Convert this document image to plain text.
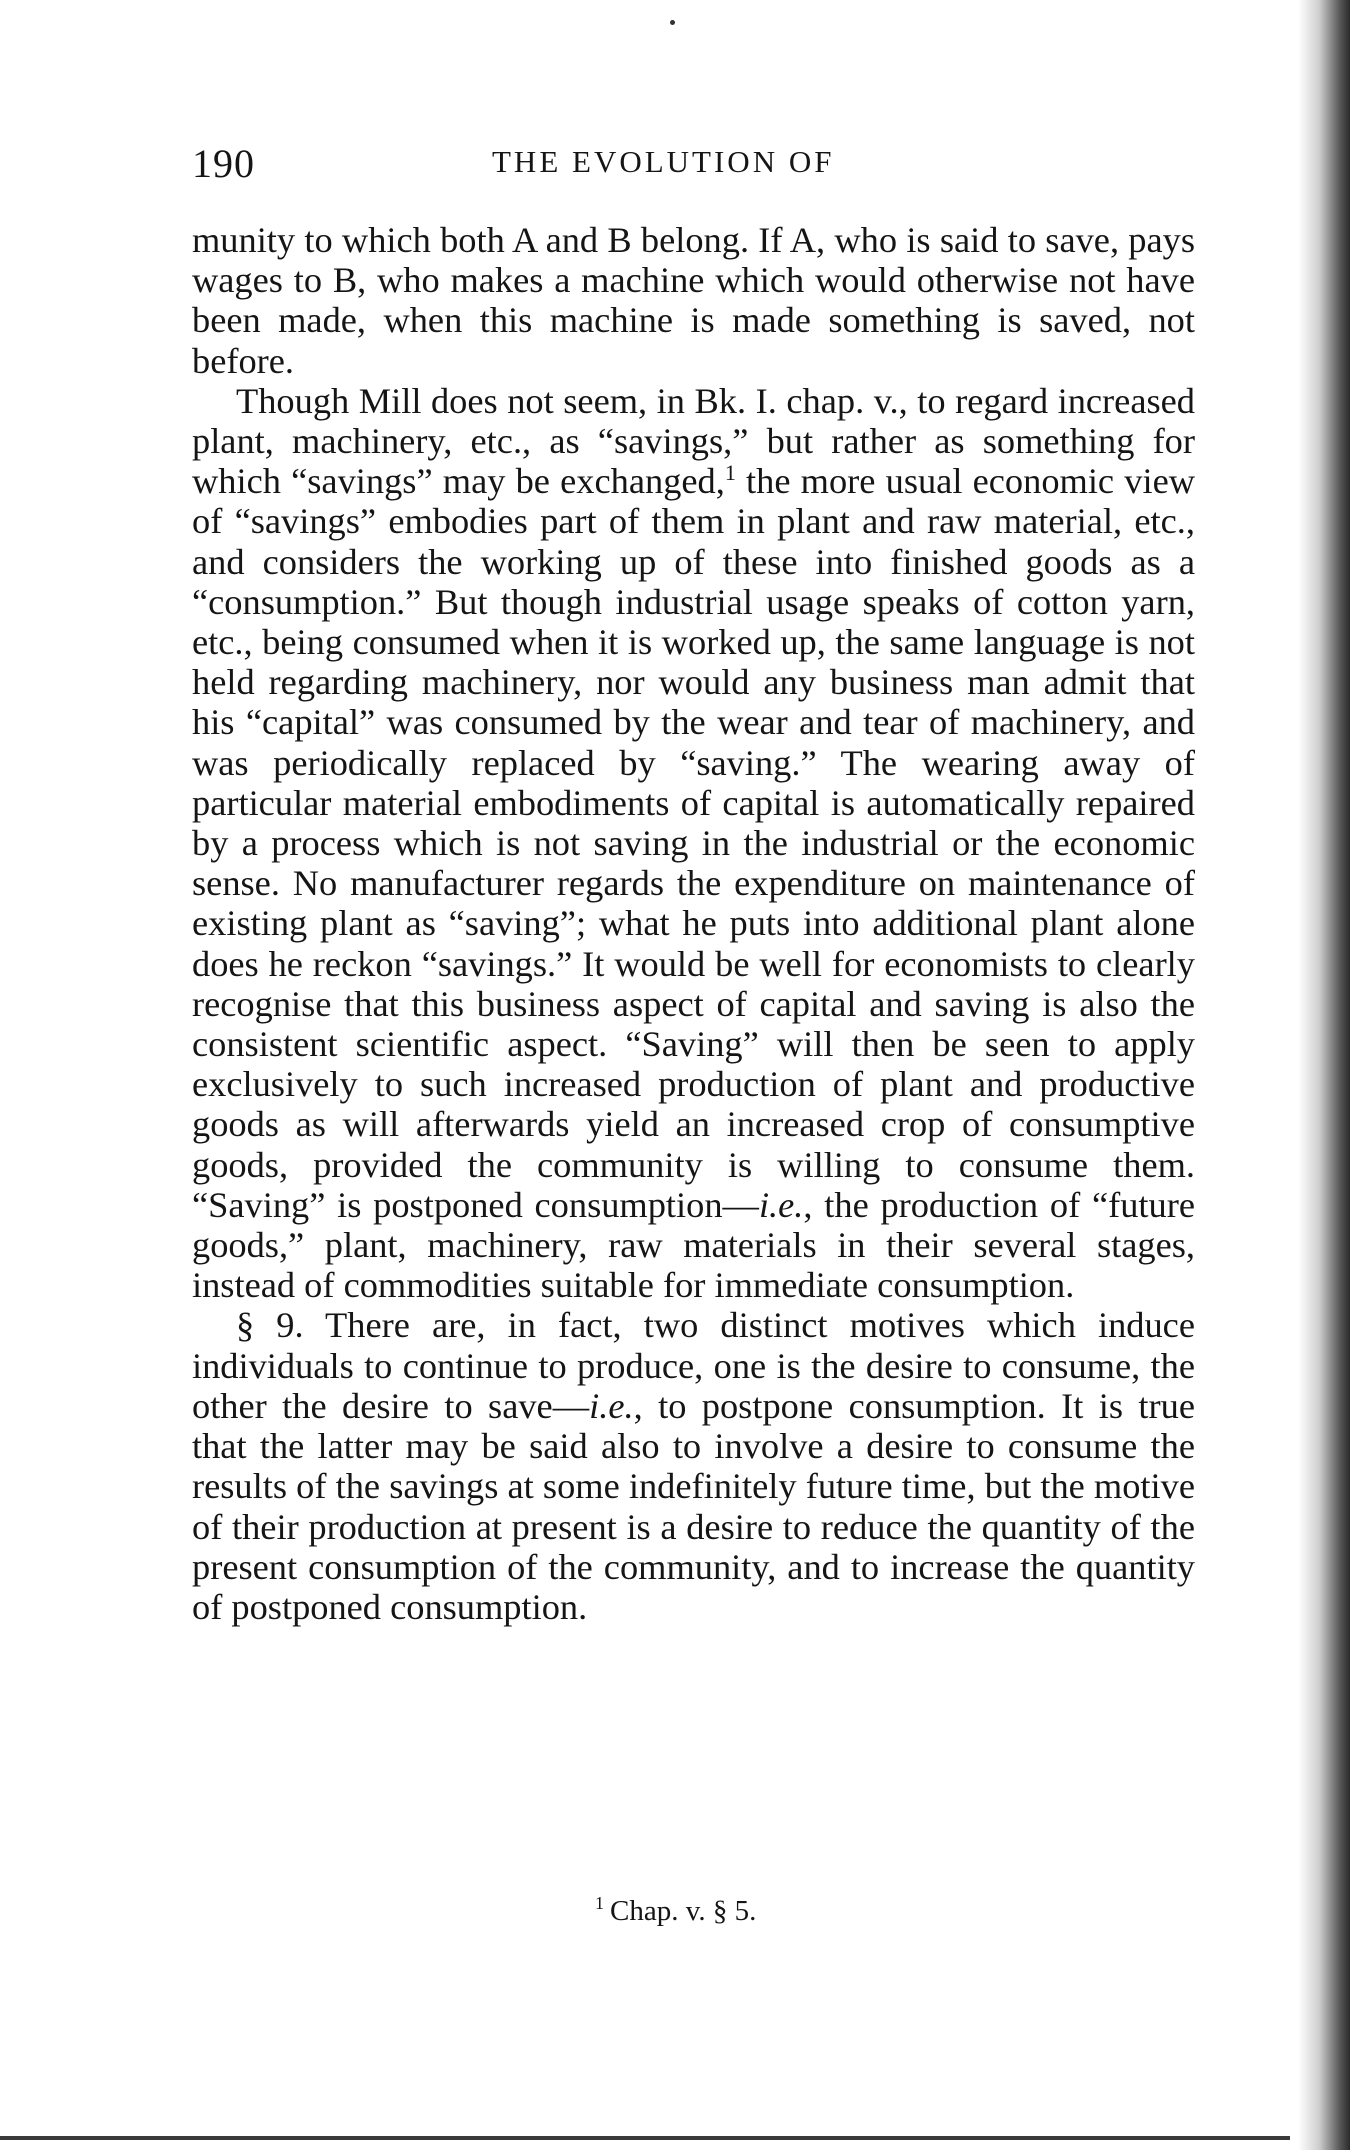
190	THE EVOLUTION OF

munity to which both A and B belong. If A, who is said to save, pays wages to B, who makes a machine which would otherwise not have been made, when this machine is made something is saved, not before.

Though Mill does not seem, in Bk. I. chap. v., to regard increased plant, machinery, etc., as “savings,” but rather as something for which “savings” may be exchanged,$^1$ the more usual economic view of “savings” embodies part of them in plant and raw material, etc., and considers the working up of these into finished goods as a “consumption.” But though industrial usage speaks of cotton yarn, etc., being consumed when it is worked up, the same language is not held regarding machinery, nor would any business man admit that his “capital” was consumed by the wear and tear of machinery, and was periodically replaced by “saving.” The wearing away of particular material embodiments of capital is automatically repaired by a process which is not saving in the industrial or the economic sense. No manufacturer regards the expenditure on maintenance of existing plant as “saving”; what he puts into additional plant alone does he reckon “savings.” It would be well for economists to clearly recognise that this business aspect of capital and saving is also the consistent scientific aspect. “Saving” will then be seen to apply exclusively to such increased production of plant and productive goods as will afterwards yield an increased crop of consumptive goods, provided the community is willing to consume them. “Saving” is postponed consumption—i.e., the production of “future goods,” plant, machinery, raw materials in their several stages, instead of commodities suitable for immediate consumption.

§ 9. There are, in fact, two distinct motives which induce individuals to continue to produce, one is the desire to consume, the other the desire to save—i.e., to postpone consumption. It is true that the latter may be said also to involve a desire to consume the results of the savings at some indefinitely future time, but the motive of their production at present is a desire to reduce the quantity of the present consumption of the community, and to increase the quantity of postponed consumption.

$^1$ Chap. v. § 5.
